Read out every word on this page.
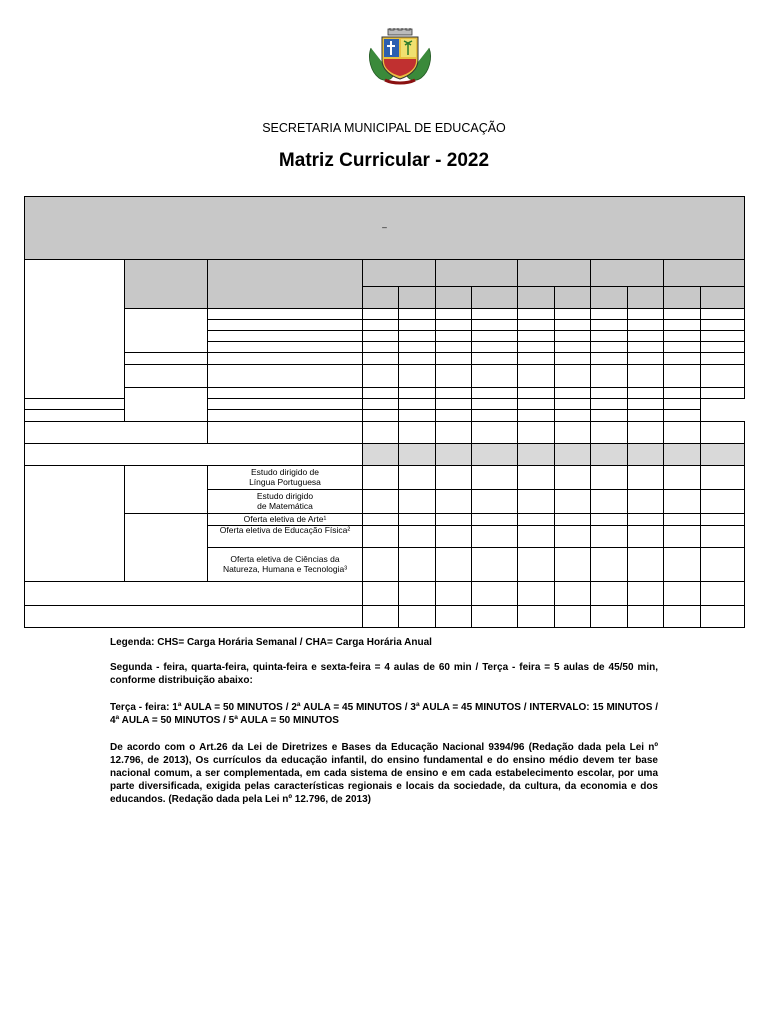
SECRETARIA MUNICIPAL DE EDUCAÇÃO
Matriz Curricular - 2022
–												

		Estudo dirigido de
Língua Portuguesa										
		Estudo dirigido
de Matemática										
		Oferta eletiva de Arte¹										
		Oferta eletiva de Educação Física²										
		Oferta eletiva de Ciências da
Natureza, Humana e Tecnologia³										

Legenda: CHS= Carga Horária Semanal / CHA= Carga Horária Anual

Segunda - feira, quarta-feira, quinta-feira e sexta-feira = 4 aulas de 60 min / Terça - feira = 5 aulas de 45/50 min, conforme distribuição abaixo:

Terça - feira: 1ª AULA = 50 MINUTOS / 2ª AULA = 45 MINUTOS / 3ª AULA = 45 MINUTOS / INTERVALO: 15 MINUTOS / 4ª AULA = 50 MINUTOS / 5ª AULA = 50 MINUTOS

De acordo com o Art.26 da Lei de Diretrizes e Bases da Educação Nacional 9394/96 (Redação dada pela Lei nº 12.796, de 2013), Os currículos da educação infantil, do ensino fundamental e do ensino médio devem ter base nacional comum, a ser complementada, em cada sistema de ensino e em cada estabelecimento escolar, por uma parte diversificada, exigida pelas características regionais e locais da sociedade, da cultura, da economia e dos educandos. (Redação dada pela Lei nº 12.796, de 2013)
